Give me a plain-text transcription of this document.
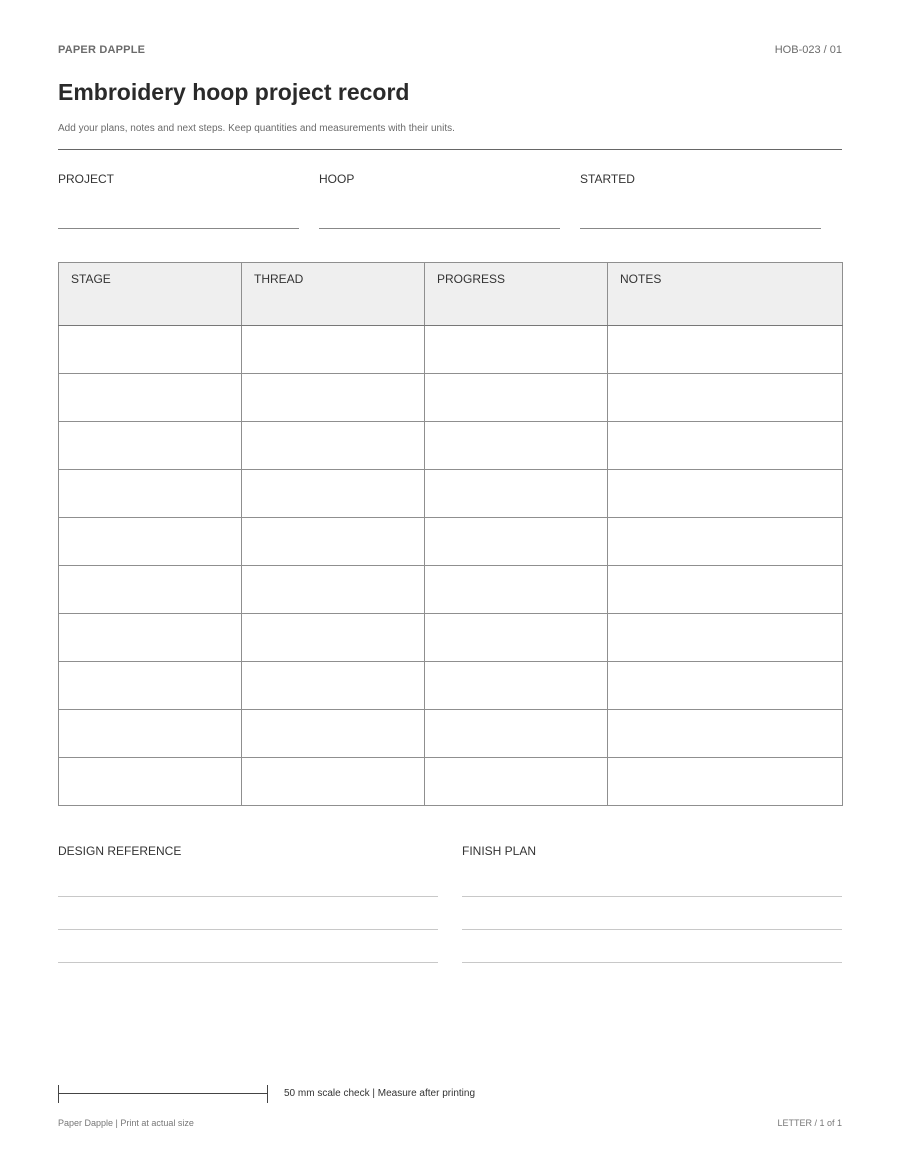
PAPER DAPPLE	HOB-023 / 01
Embroidery hoop project record
Add your plans, notes and next steps. Keep quantities and measurements with their units.
PROJECT	HOOP	STARTED
STAGE	THREAD	PROGRESS	NOTES

DESIGN REFERENCE	FINISH PLAN
50 mm scale check | Measure after printing
Paper Dapple | Print at actual size	LETTER / 1 of 1
